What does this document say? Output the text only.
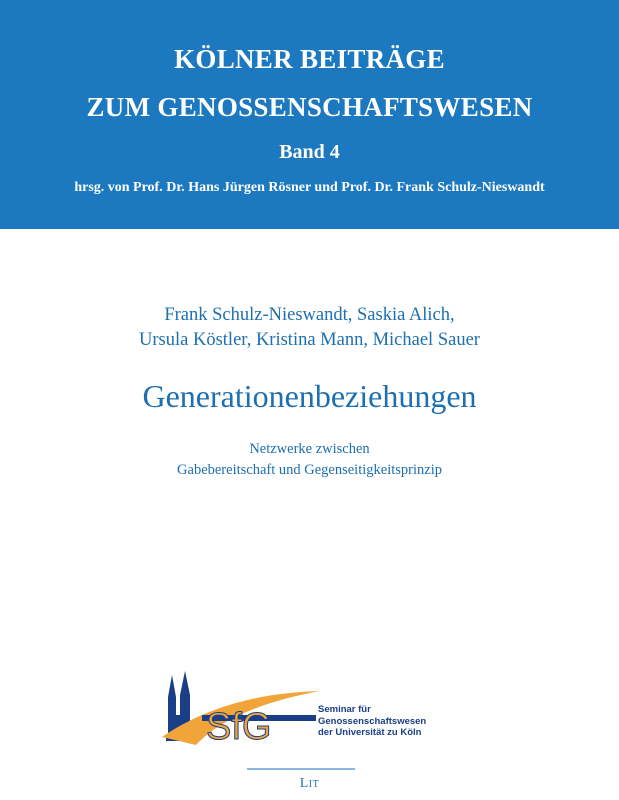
KÖLNER BEITRÄGE
ZUM GENOSSENSCHAFTSWESEN
Band 4
hrsg. von Prof. Dr. Hans Jürgen Rösner und Prof. Dr. Frank Schulz-Nieswandt
Frank Schulz-Nieswandt, Saskia Alich,
Ursula Köstler, Kristina Mann, Michael Sauer
Generationenbeziehungen
Netzwerke zwischen
Gabebereitschaft und Gegenseitigkeitsprinzip
SfG	Seminar für
Genossenschaftswesen
der Universität zu Köln
Lit
